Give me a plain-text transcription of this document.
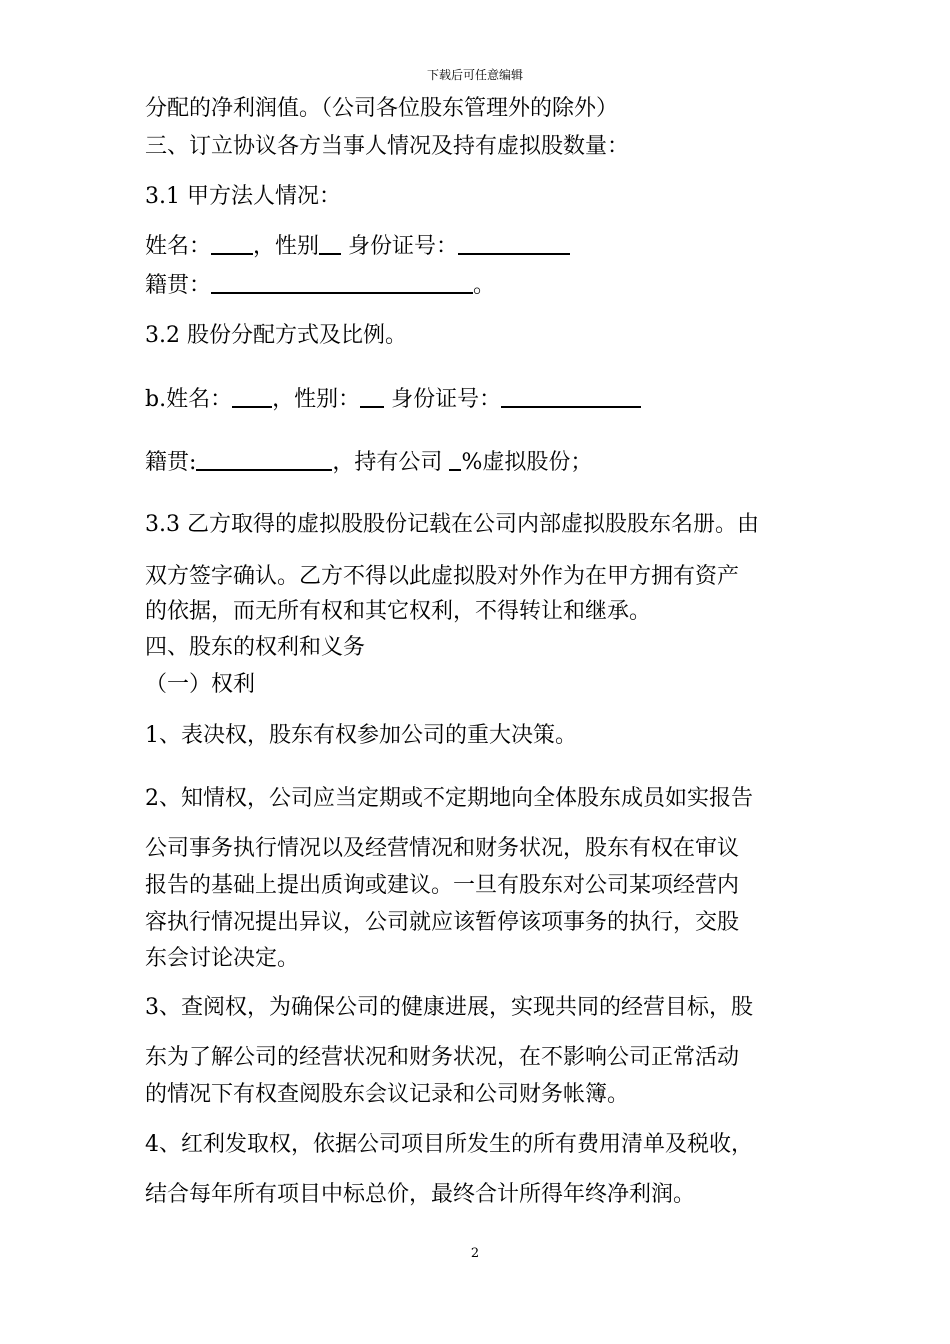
下载后可任意编辑
分配的净利润值。（公司各位股东管理外的除外）
三、订立协议各方当事人情况及持有虚拟股数量：
3.1 甲方法人情况：
姓名： ，性别 身份证号：
籍贯：	。
3.2 股份分配方式及比例。
b.姓名： ，性别： 身份证号：
籍贯:	，持有公司 %虚拟股份；
3.3 乙方取得的虚拟股股份记载在公司内部虚拟股股东名册。由
双方签字确认。乙方不得以此虚拟股对外作为在甲方拥有资产
的依据，而无所有权和其它权利，不得转让和继承。
四、股东的权利和义务
（一）权利
1、表决权，股东有权参加公司的重大决策。
2、知情权，公司应当定期或不定期地向全体股东成员如实报告
公司事务执行情况以及经营情况和财务状况，股东有权在审议
报告的基础上提出质询或建议。一旦有股东对公司某项经营内
容执行情况提出异议，公司就应该暂停该项事务的执行，交股
东会讨论决定。
3、查阅权，为确保公司的健康进展，实现共同的经营目标，股
东为了解公司的经营状况和财务状况，在不影响公司正常活动
的情况下有权查阅股东会议记录和公司财务帐簿。
4、红利发取权，依据公司项目所发生的所有费用清单及税收，
结合每年所有项目中标总价，最终合计所得年终净利润。
2
